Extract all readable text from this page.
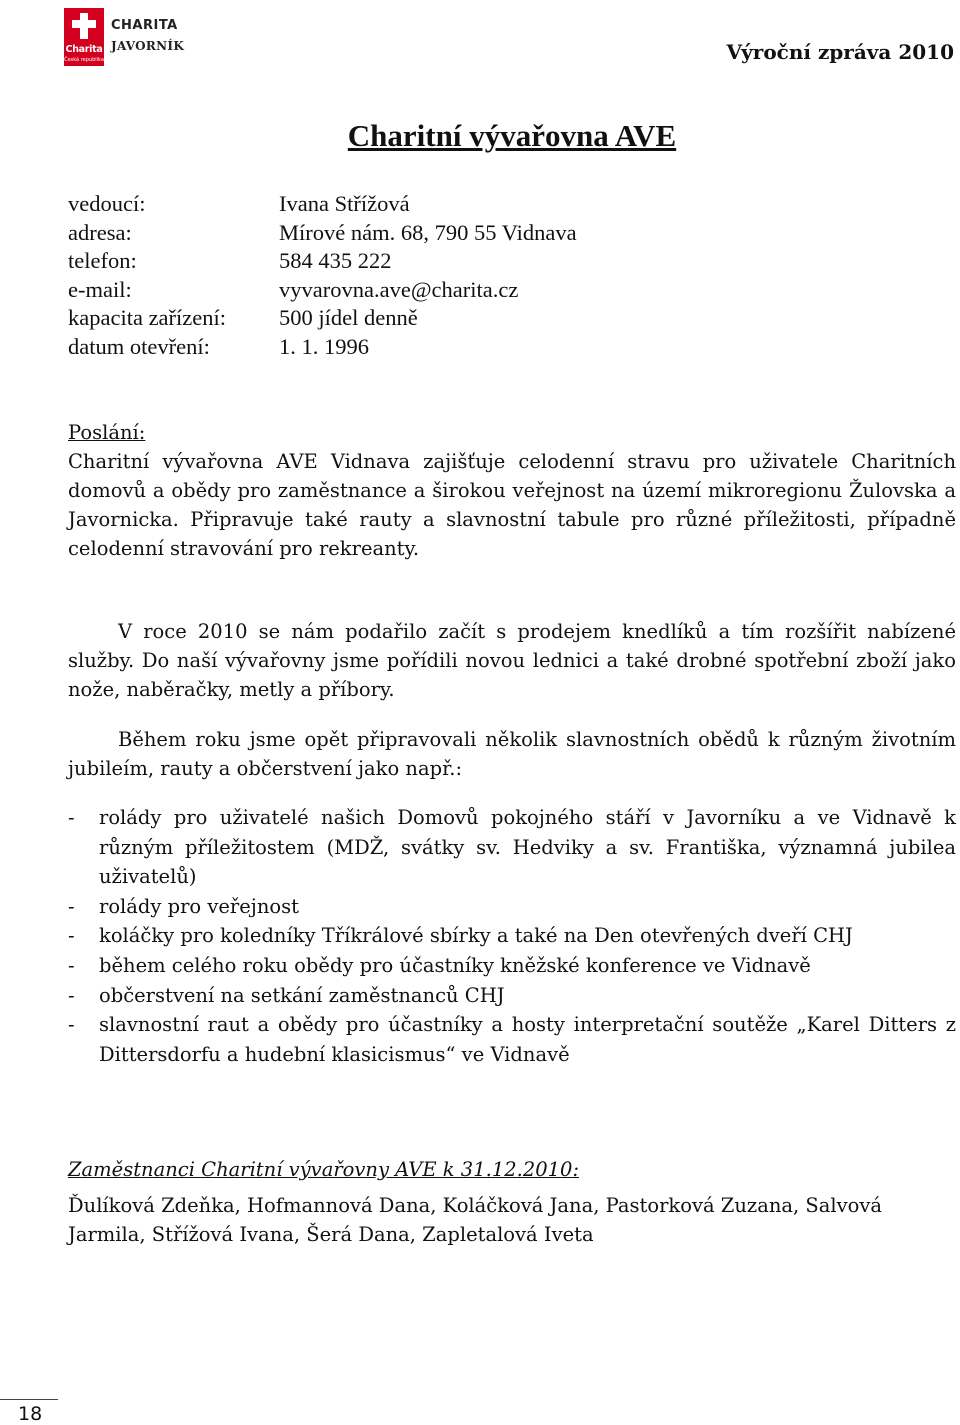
Charita
Česká republika
CHARITA
JAVORNÍK	Výroční zpráva 2010
Charitní vývařovna AVE
vedoucí:	Ivana Střížová
adresa:	Mírové nám. 68, 790 55 Vidnava
telefon:	584 435 222
e-mail:	vyvarovna.ave@charita.cz
kapacita zařízení: 500 jídel denně
datum otevření:	1. 1. 1996
Poslání:
Charitní vývařovna AVE Vidnava zajišťuje celodenní stravu pro uživatele Charitních domovů a obědy pro zaměstnance a širokou veřejnost na území mikroregionu Žulovska a Javornicka. Připravuje také rauty a slavnostní tabule pro různé příležitosti, případně celodenní stravování pro rekreanty.
V roce 2010 se nám podařilo začít s prodejem knedlíků a tím rozšířit nabízené služby. Do naší vývařovny jsme pořídili novou lednici a také drobné spotřební zboží jako nože, naběračky, metly a příbory.
Během roku jsme opět připravovali několik slavnostních obědů k různým životním jubileím, rauty a občerstvení jako např.:
- rolády pro uživatelé našich Domovů pokojného stáří v Javorníku a ve Vidnavě k různým příležitostem (MDŽ, svátky sv. Hedviky a sv. Františka, významná jubilea uživatelů)
- rolády pro veřejnost
- koláčky pro koledníky Tříkrálové sbírky a také na Den otevřených dveří CHJ
- během celého roku obědy pro účastníky kněžské konference ve Vidnavě
- občerstvení na setkání zaměstnanců CHJ
- slavnostní raut a obědy pro účastníky a hosty interpretační soutěže „Karel Ditters z Dittersdorfu a hudební klasicismus“ ve Vidnavě
Zaměstnanci Charitní vývařovny AVE k 31.12.2010:
Ďulíková Zdeňka, Hofmannová Dana, Koláčková Jana, Pastorková Zuzana, Salvová Jarmila, Střížová Ivana, Šerá Dana, Zapletalová Iveta
18
